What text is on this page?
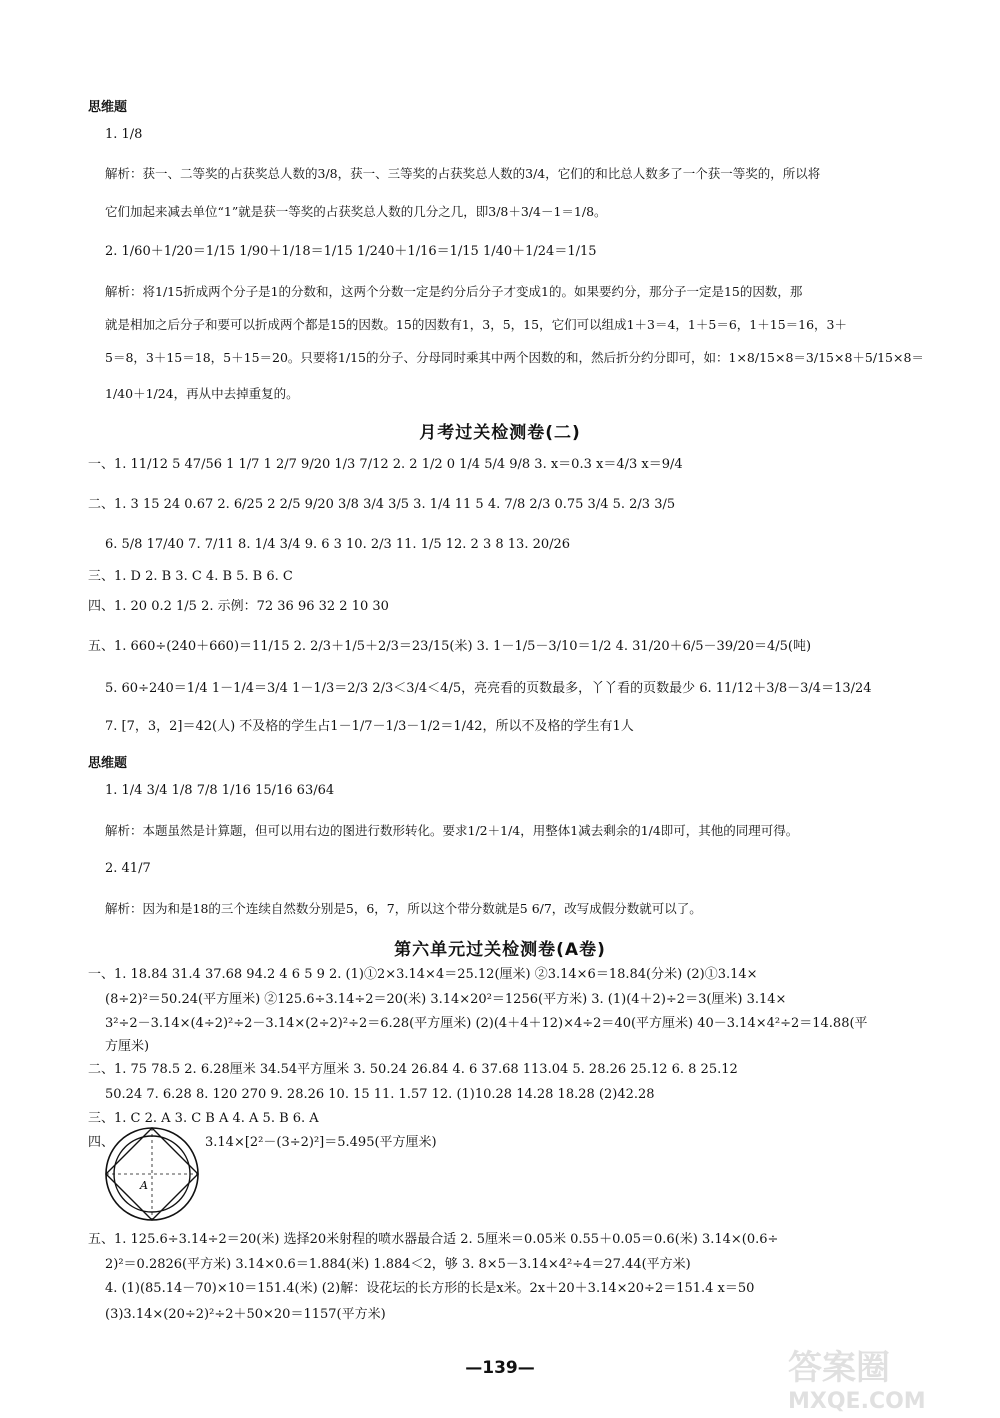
思维题
1. 1/8
解析：获一、二等奖的占获奖总人数的3/8，获一、三等奖的占获奖总人数的3/4，它们的和比总人数多了一个获一等奖的，所以将
它们加起来减去单位“1”就是获一等奖的占获奖总人数的几分之几，即3/8＋3/4－1＝1/8。
2. 1/60＋1/20＝1/15 1/90＋1/18＝1/15 1/240＋1/16＝1/15 1/40＋1/24＝1/15
解析：将1/15折成两个分子是1的分数和，这两个分数一定是约分后分子才变成1的。如果要约分，那分子一定是15的因数，那
就是相加之后分子和要可以折成两个都是15的因数。15的因数有1，3，5，15，它们可以组成1＋3＝4，1＋5＝6，1＋15＝16，3＋
5＝8，3＋15＝18，5＋15＝20。只要将1/15的分子、分母同时乘其中两个因数的和，然后折分约分即可，如：1×8/15×8＝3/15×8＋5/15×8＝
1/40＋1/24，再从中去掉重复的。
月考过关检测卷(二)
一、1. 11/12 5 47/56 1 1/7 1 2/7 9/20 1/3 7/12 2. 2 1/2 0 1/4 5/4 9/8 3. x＝0.3 x＝4/3 x＝9/4
二、1. 3 15 24 0.67 2. 6/25 2 2/5 9/20 3/8 3/4 3/5 3. 1/4 11 5 4. 7/8 2/3 0.75 3/4 5. 2/3 3/5
6. 5/8 17/40 7. 7/11 8. 1/4 3/4 9. 6 3 10. 2/3 11. 1/5 12. 2 3 8 13. 20/26
三、1. D 2. B 3. C 4. B 5. B 6. C
四、1. 20 0.2 1/5 2. 示例：72 36 96 32 2 10 30
五、1. 660÷(240＋660)＝11/15 2. 2/3＋1/5＋2/3＝23/15(米) 3. 1－1/5－3/10＝1/2 4. 31/20＋6/5－39/20＝4/5(吨)
5. 60÷240＝1/4 1－1/4＝3/4 1－1/3＝2/3 2/3＜3/4＜4/5，亮亮看的页数最多，丫丫看的页数最少 6. 11/12＋3/8－3/4＝13/24
7. [7，3，2]＝42(人) 不及格的学生占1－1/7－1/3－1/2＝1/42，所以不及格的学生有1人
思维题
1. 1/4 3/4 1/8 7/8 1/16 15/16 63/64
解析：本题虽然是计算题，但可以用右边的图进行数形转化。要求1/2＋1/4，用整体1减去剩余的1/4即可，其他的同理可得。
2. 41/7
解析：因为和是18的三个连续自然数分别是5，6，7，所以这个带分数就是5 6/7，改写成假分数就可以了。
第六单元过关检测卷(A卷)
一、1. 18.84 31.4 37.68 94.2 4 6 5 9 2. (1)①2×3.14×4＝25.12(厘米) ②3.14×6＝18.84(分米) (2)①3.14×
(8÷2)²＝50.24(平方厘米) ②125.6÷3.14÷2＝20(米) 3.14×20²＝1256(平方米) 3. (1)(4＋2)÷2＝3(厘米) 3.14×
3²÷2－3.14×(4÷2)²÷2－3.14×(2÷2)²÷2＝6.28(平方厘米) (2)(4＋4＋12)×4÷2＝40(平方厘米) 40－3.14×4²÷2＝14.88(平
方厘米)
二、1. 75 78.5 2. 6.28厘米 34.54平方厘米 3. 50.24 26.84 4. 6 37.68 113.04 5. 28.26 25.12 6. 8 25.12
50.24 7. 6.28 8. 120 270 9. 28.26 10. 15 11. 1.57 12. (1)10.28 14.28 18.28 (2)42.28
三、1. C 2. A 3. C B A 4. A 5. B 6. A
四、	3.14×[2²－(3÷2)²]＝5.495(平方厘米)
A
五、1. 125.6÷3.14÷2＝20(米) 选择20米射程的喷水器最合适 2. 5厘米＝0.05米 0.55＋0.05＝0.6(米) 3.14×(0.6÷
2)²＝0.2826(平方米) 3.14×0.6＝1.884(米) 1.884＜2，够 3. 8×5－3.14×4²÷4＝27.44(平方米)
4. (1)(85.14－70)×10＝151.4(米) (2)解：设花坛的长方形的长是x米。2x＋20＋3.14×20÷2＝151.4 x＝50
(3)3.14×(20÷2)²÷2＋50×20＝1157(平方米)
—139—	答案圈
MXQE.COM
